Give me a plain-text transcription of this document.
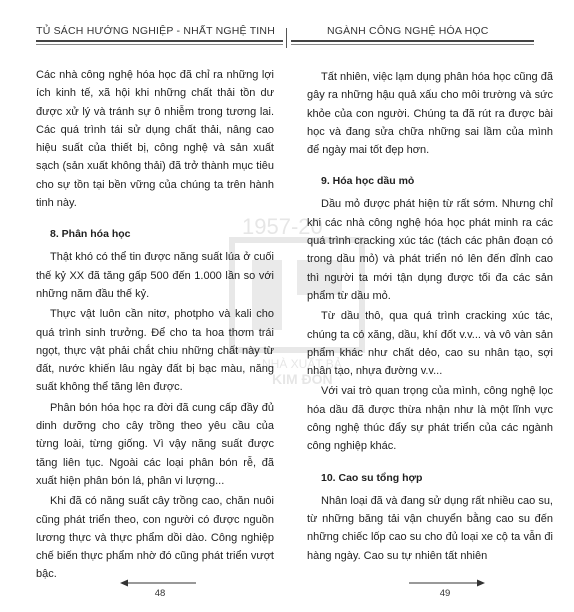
1957-20
NHÀ XUẤT BẢ
KIM ĐỒN
TỦ SÁCH HƯỚNG NGHIỆP - NHẤT NGHỆ TINH

Các nhà công nghệ hóa học đã chỉ ra những lợi ích kinh tế, xã hội khi những chất thải tồn dư được xử lý và tránh sự ô nhiễm trong tương lai. Các quá trình tái sử dụng chất thải, nâng cao hiệu suất của thiết bị, công nghệ và sản xuất sạch (sản xuất không thải) đã trở thành mục tiêu cho sự tồn tại bền vững của chúng ta trên hành tinh này.

8. Phân hóa học

Thật khó có thể tin được năng suất lúa ở cuối thế kỷ XX đã tăng gấp 500 đến 1.000 lần so với những năm đầu thế kỷ.

Thực vật luôn cần nitơ, photpho và kali cho quá trình sinh trưởng. Để cho ta hoa thơm trái ngọt, thực vật phải chắt chiu những chất này từ đất, nước khiến lâu ngày đất bị bạc màu, năng suất không thể tăng lên được.

Phân bón hóa học ra đời đã cung cấp đầy đủ dinh dưỡng cho cây trồng theo yêu cầu của từng loài, từng giống. Vì vậy năng suất được tăng liên tục. Ngoài các loại phân bón rễ, đã xuất hiện phân bón lá, phân vi lượng...

Khi đã có năng suất cây trồng cao, chăn nuôi cũng phát triển theo, con người có được nguồn lương thực và thực phẩm dồi dào. Công nghiệp chế biến thực phẩm nhờ đó cũng phát triển vượt bậc.

48
NGÀNH CÔNG NGHỆ HÓA HỌC

Tất nhiên, việc lạm dụng phân hóa học cũng đã gây ra những hậu quả xấu cho môi trường và sức khỏe của con người. Chúng ta đã rút ra được bài học và đang sửa chữa những sai lầm của mình để ngày mai tốt đẹp hơn.

9. Hóa học dầu mỏ

Dầu mỏ được phát hiện từ rất sớm. Nhưng chỉ khi các nhà công nghệ hóa học phát minh ra các quá trình cracking xúc tác (tách các phân đoạn có trong dầu mỏ) và phát triển nó lên đến đỉnh cao thì người ta mới tận dụng được tối đa các sản phẩm từ dầu mỏ.

Từ dầu thô, qua quá trình cracking xúc tác, chúng ta có xăng, dầu, khí đốt v.v... và vô vàn sản phẩm khác như chất dẻo, cao su nhân tạo, sợi nhân tạo, nhựa đường v.v...

Với vai trò quan trọng của mình, công nghệ lọc hóa dầu đã được thừa nhận như là một lĩnh vực công nghệ thúc đẩy sự phát triển của các ngành công nghiệp khác.

10. Cao su tổng hợp

Nhân loại đã và đang sử dụng rất nhiều cao su, từ những băng tải vận chuyển bằng cao su đến những chiếc lốp cao su cho đủ loại xe cộ ta vẫn đi hàng ngày. Cao su tự nhiên tất nhiên

49
